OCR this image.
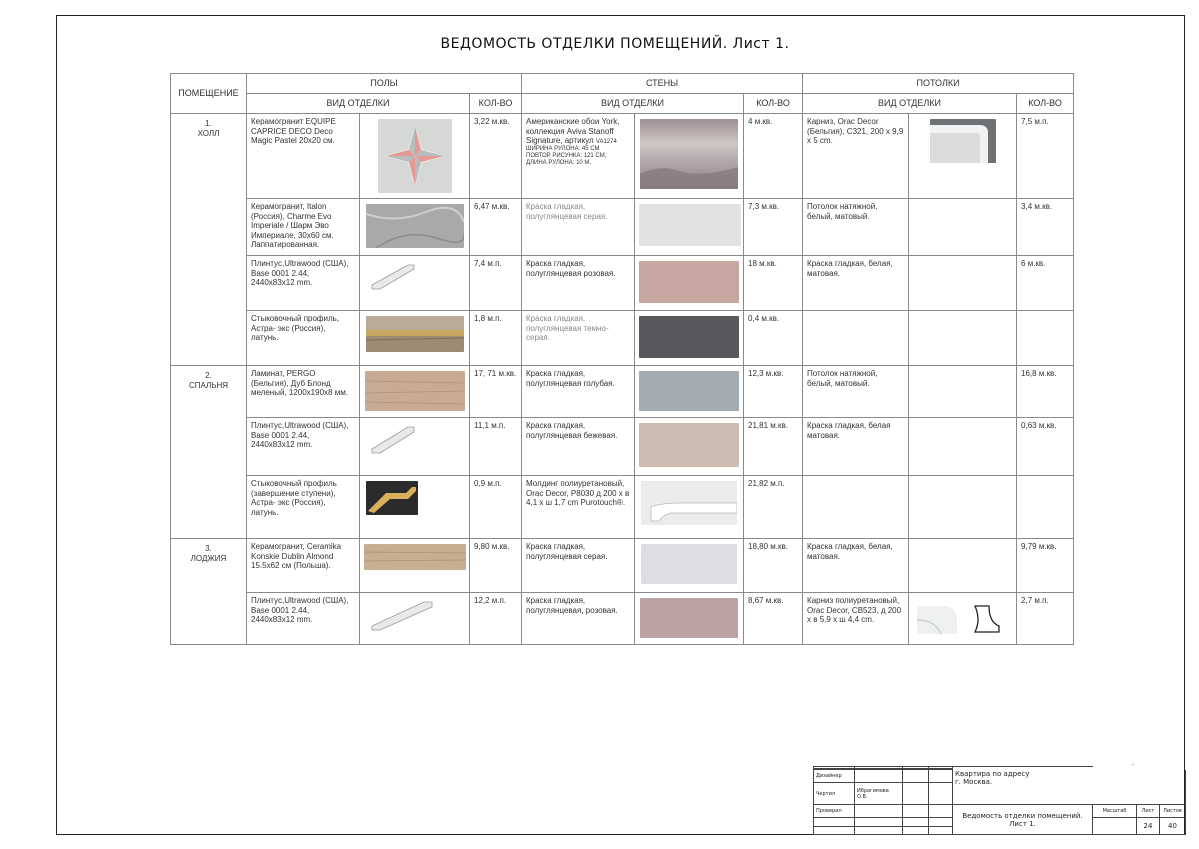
ВЕДОМОСТЬ ОТДЕЛКИ ПОМЕЩЕНИЙ. Лист 1.
ПОМЕЩЕНИЕ	ПОЛЫ			СТЕНЫ			ПОТОЛКИ		
	ВИД ОТДЕЛКИ		КОЛ-ВО	ВИД ОТДЕЛКИ		КОЛ-ВО	ВИД ОТДЕЛКИ		КОЛ-ВО

1.
ХОЛЛ	Керамогранит EQUIPE CAPRICE DECO Deco Magic Pastel 20x20 см.		3,22 м.кв.	Американские обои York, коллекция Aviva Stanoff Signature, артикул VA1274
ШИРИНА РУЛОНА: 45 СМ
ПОВТОР РИСУНКА: 121 СМ,
ДЛИНА РУЛОНА: 10 М.		4 м.кв.	Карниз, Orac Decor (Бельгия), C321, 200 x 9,9 x 5 cm.		7,5 м.п.
	Керамогранит, Italon (Россия), Charme Evo Imperiale / Шарм Эво Империале, 30x60 см. Лаппатированная.		6,47 м.кв.	Краска гладкая, полуглянцевая серая.		7,3 м.кв.	Потолок натяжной, белый, матовый.		3,4 м.кв.
	Плинтус,Ultrawood (США), Base 0001 2.44, 2440x83x12 mm.		7,4 м.п.	Краска гладкая, полуглянцевая розовая.		18 м.кв.	Краска гладкая, белая, матовая.		6 м.кв.
	Стыковочный профиль, Астра- экс (Россия), латунь.		1,8 м.п.	Краска гладкая, полуглянцевая темно-серая.		0,4 м.кв.			

2.
СПАЛЬНЯ	Ламинат, PERGO (Бельгия), Дуб Блонд меленый, 1200x190x8 мм.		17, 71 м.кв.	Краска гладкая, полуглянцевая голубая.		12,3 м.кв.	Потолок натяжной, белый, матовый.		16,8 м.кв.
	Плинтус,Ultrawood (США), Base 0001 2.44, 2440x83x12 mm.		11,1 м.п.	Краска гладкая, полуглянцевая бежевая.		21,81 м.кв.	Краска гладкая, белая матовая.		0,63 м.кв.
	Стыковочный профиль (завершение ступени), Астра- экс (Россия), латунь.		0,9 м.п.	Молдинг полиуретановый, Orac Decor, P8030 д 200 х в 4,1 х ш 1,7 cm Purotouch®.		21,82 м.п.			

3.
ЛОДЖИЯ	Керамогранит, Ceramika Konskie Dublin Almond 15.5x62 см (Польша).		9,80 м.кв.	Краска гладкая, полуглянцевая серая.		18,80 м.кв.	Краска гладкая, белая, матовая.		9,79 м.кв.
	Плинтус,Ultrawood (США), Base 0001 2.44, 2440x83x12 mm.		12,2 м.п.	Краска гладкая, полуглянцевая, розовая.		8,67 м.кв.	Карниз полиуретановый, Orac Decor, CB523, д 200 х в 5,9 х ш 4,4 cm.		2,7 м.п.
-

Дизайнер				Квартира по адресу
г. Москва.			

Чертил	Ибрагимова О.В.						
Проверил				Ведомость отделки помещений.
Лист 1.	Масштаб	Лист	Листов
						24	40
